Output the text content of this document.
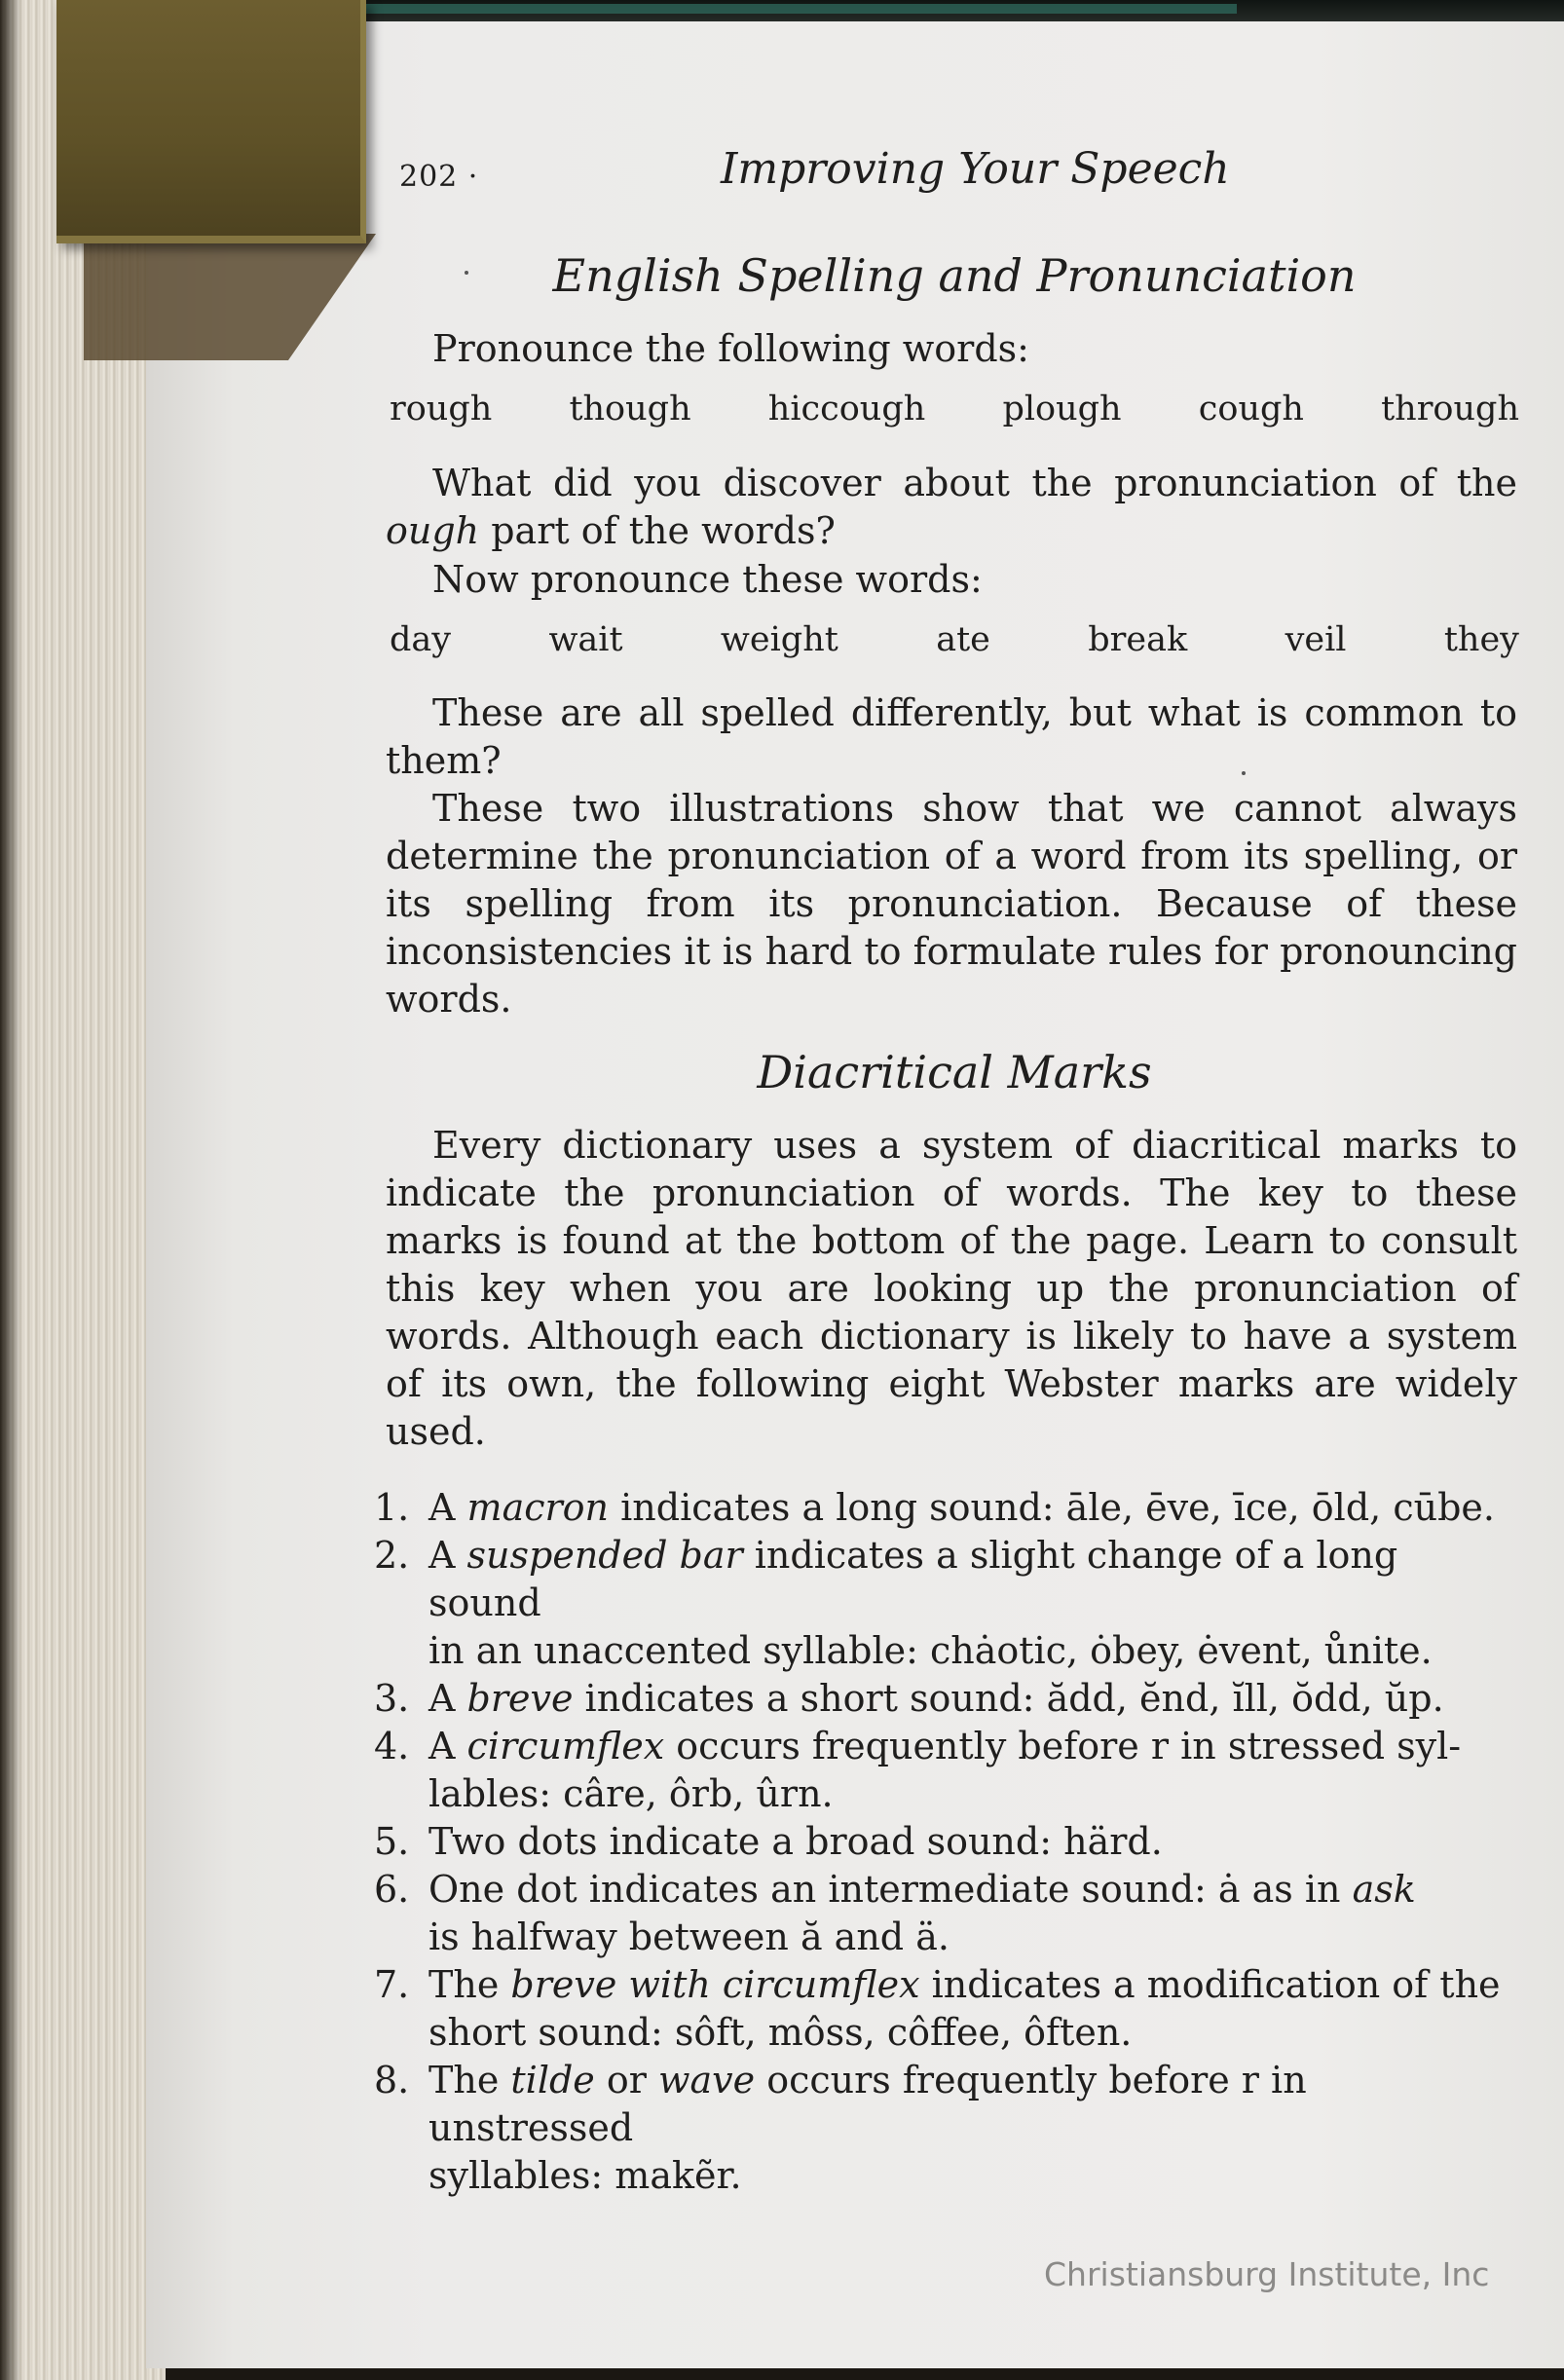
202 ·	Improving Your Speech
English Spelling and Pronunciation
Pronounce the following words:
rough though hiccough plough cough through
What did you discover about the pronunciation of the ough part of the words?
Now pronounce these words:
day	wait	weight	ate	break	veil	they
These are all spelled differently, but what is common to them?
These two illustrations show that we cannot always determine the pronunciation of a word from its spelling, or its spelling from its pronunciation. Because of these inconsistencies it is hard to formulate rules for pronouncing words.
Diacritical Marks
Every dictionary uses a system of diacritical marks to indicate the pronunciation of words. The key to these marks is found at the bottom of the page. Learn to consult this key when you are looking up the pronunciation of words. Although each dictionary is likely to have a system of its own, the following eight Webster marks are widely used.
1. A macron indicates a long sound: āle, ēve, īce, ōld, cūbe.
2. A suspended bar indicates a slight change of a long sound
in an unaccented syllable: chȧotic, ȯbey, ėvent, ůnite.
3. A breve indicates a short sound: ădd, ĕnd, ĭll, ŏdd, ŭp.
4. A circumflex occurs frequently before r in stressed syl-
lables: câre, ôrb, ûrn.
5. Two dots indicate a broad sound: härd.
6. One dot indicates an intermediate sound: ȧ as in ask
is halfway between ă and ä.
7. The breve with circumflex indicates a modification of the
short sound: sôft, môss, côffee, ôften.
8. The tilde or wave occurs frequently before r in unstressed
syllables: makẽr.
Christiansburg Institute, Inc
